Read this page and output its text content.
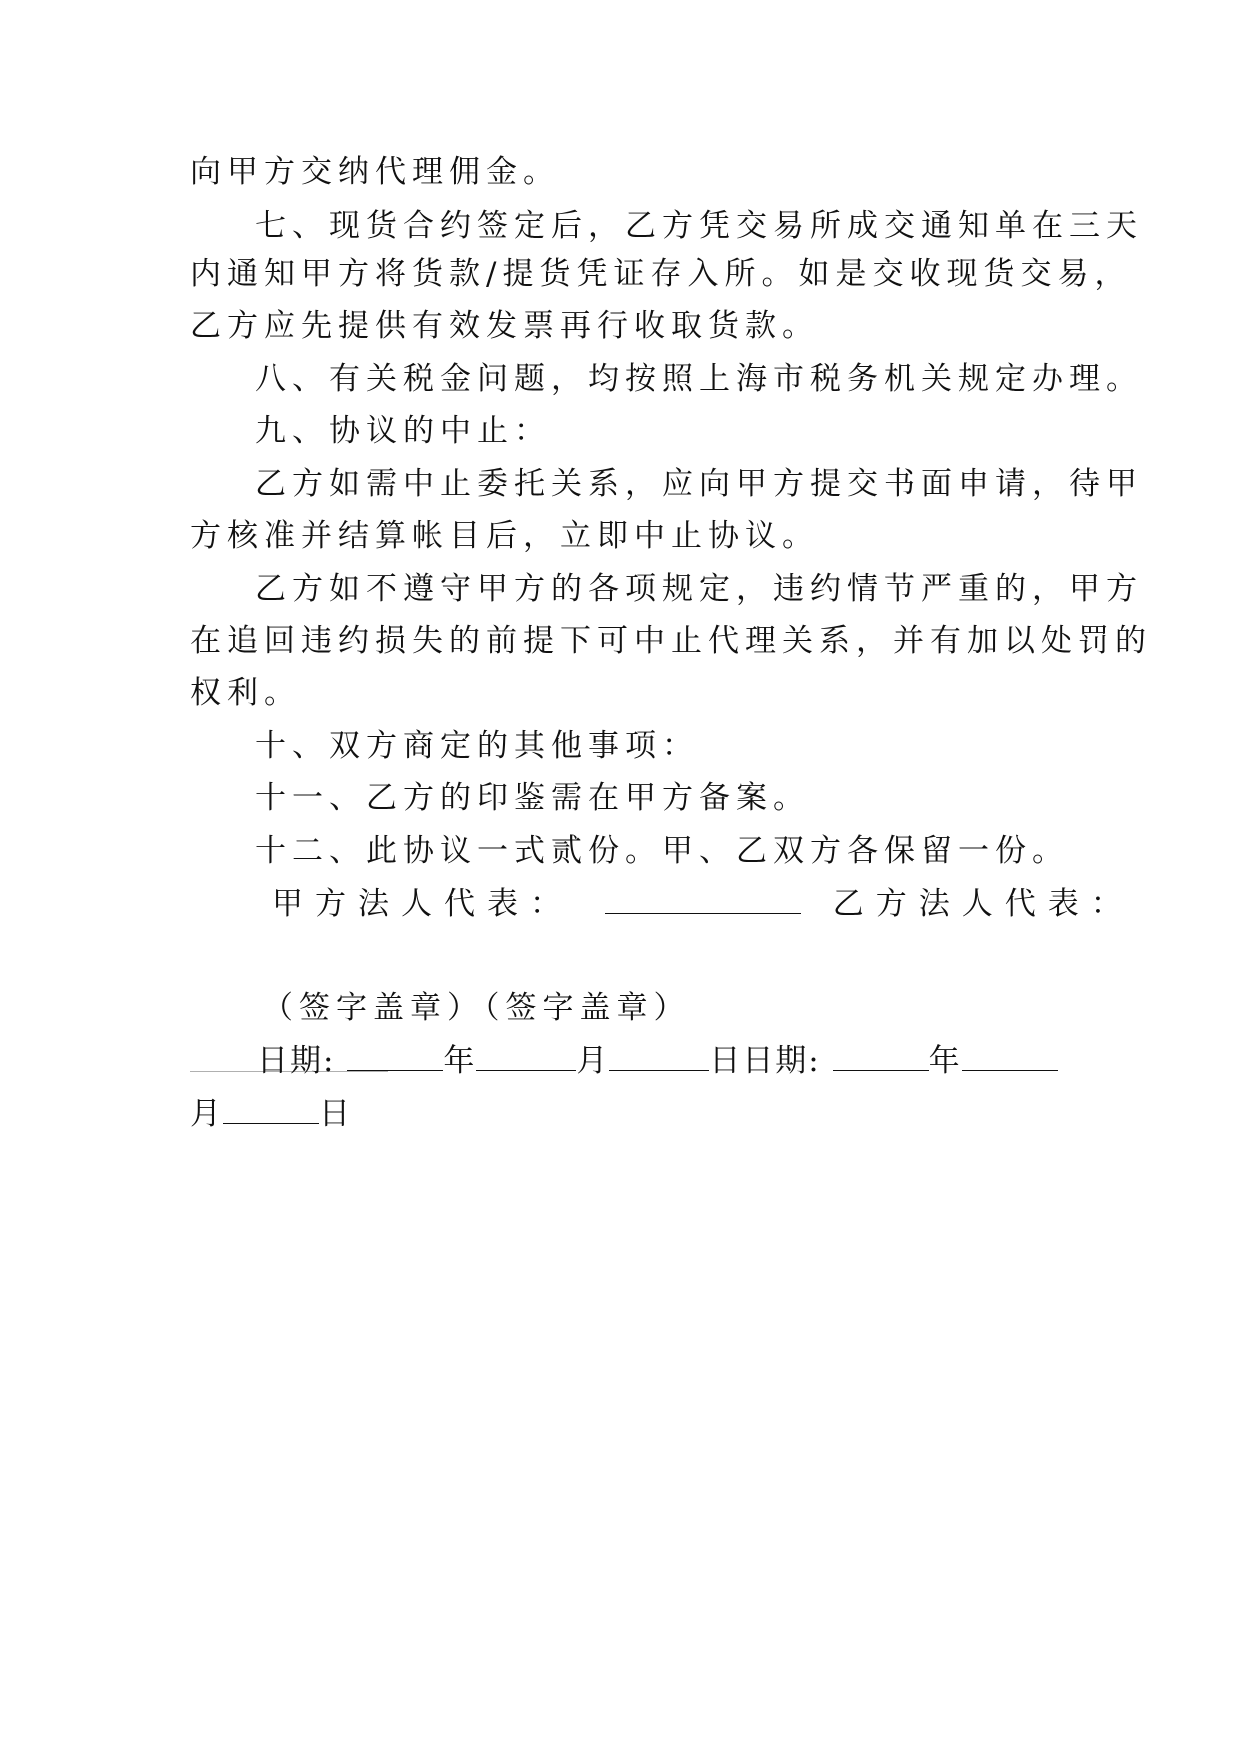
向甲方交纳代理佣金。
七、现货合约签定后，乙方凭交易所成交通知单在三天
内通知甲方将货款/提货凭证存入所。如是交收现货交易，
乙方应先提供有效发票再行收取货款。
八、有关税金问题，均按照上海市税务机关规定办理。
九、协议的中止：
乙方如需中止委托关系，应向甲方提交书面申请，待甲
方核准并结算帐目后，立即中止协议。
乙方如不遵守甲方的各项规定，违约情节严重的，甲方
在追回违约损失的前提下可中止代理关系，并有加以处罚的
权利。
十、双方商定的其他事项：
十一、乙方的印鉴需在甲方备案。
十二、此协议一式贰份。甲、乙双方各保留一份。
甲方法人代表：	乙方法人代表：
（签字盖章）（签字盖章）
日期:	年	月	日日期:	年
月	日
